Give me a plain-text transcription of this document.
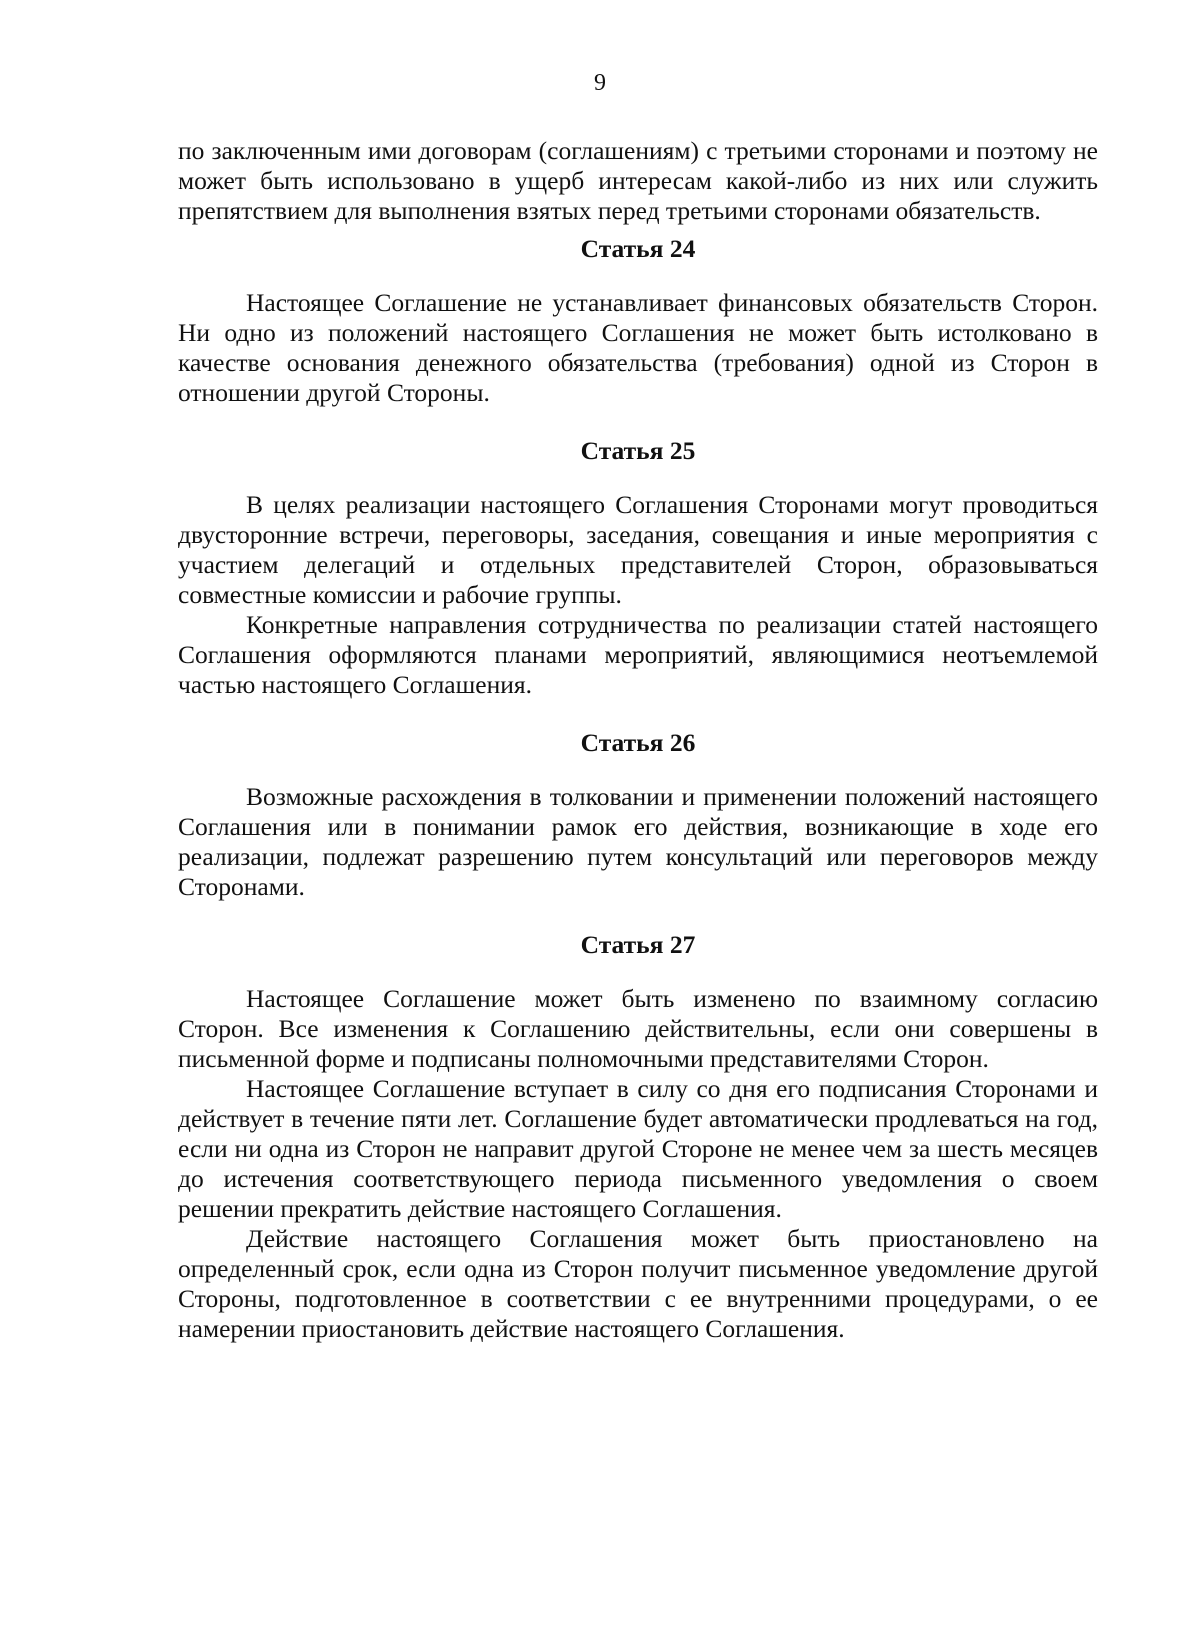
9

по заключенным ими договорам (соглашениям) с третьими сторонами и поэтому не может быть использовано в ущерб интересам какой-либо из них или служить препятствием для выполнения взятых перед третьими сторонами обязательств.

Статья 24

Настоящее Соглашение не устанавливает финансовых обязательств Сторон. Ни одно из положений настоящего Соглашения не может быть истолковано в качестве основания денежного обязательства (требования) одной из Сторон в отношении другой Стороны.

Статья 25

В целях реализации настоящего Соглашения Сторонами могут проводиться двусторонние встречи, переговоры, заседания, совещания и иные мероприятия с участием делегаций и отдельных представителей Сторон, образовываться совместные комиссии и рабочие группы.

Конкретные направления сотрудничества по реализации статей настоящего Соглашения оформляются планами мероприятий, являющимися неотъемлемой частью настоящего Соглашения.

Статья 26

Возможные расхождения в толковании и применении положений настоящего Соглашения или в понимании рамок его действия, возникающие в ходе его реализации, подлежат разрешению путем консультаций или переговоров между Сторонами.

Статья 27

Настоящее Соглашение может быть изменено по взаимному согласию Сторон. Все изменения к Соглашению действительны, если они совершены в письменной форме и подписаны полномочными представителями Сторон.

Настоящее Соглашение вступает в силу со дня его подписания Сторонами и действует в течение пяти лет. Соглашение будет автоматически продлеваться на год, если ни одна из Сторон не направит другой Стороне не менее чем за шесть месяцев до истечения соответствующего периода письменного уведомления о своем решении прекратить действие настоящего Соглашения.

Действие настоящего Соглашения может быть приостановлено на определенный срок, если одна из Сторон получит письменное уведомление другой Стороны, подготовленное в соответствии с ее внутренними процедурами, о ее намерении приостановить действие настоящего Соглашения.
